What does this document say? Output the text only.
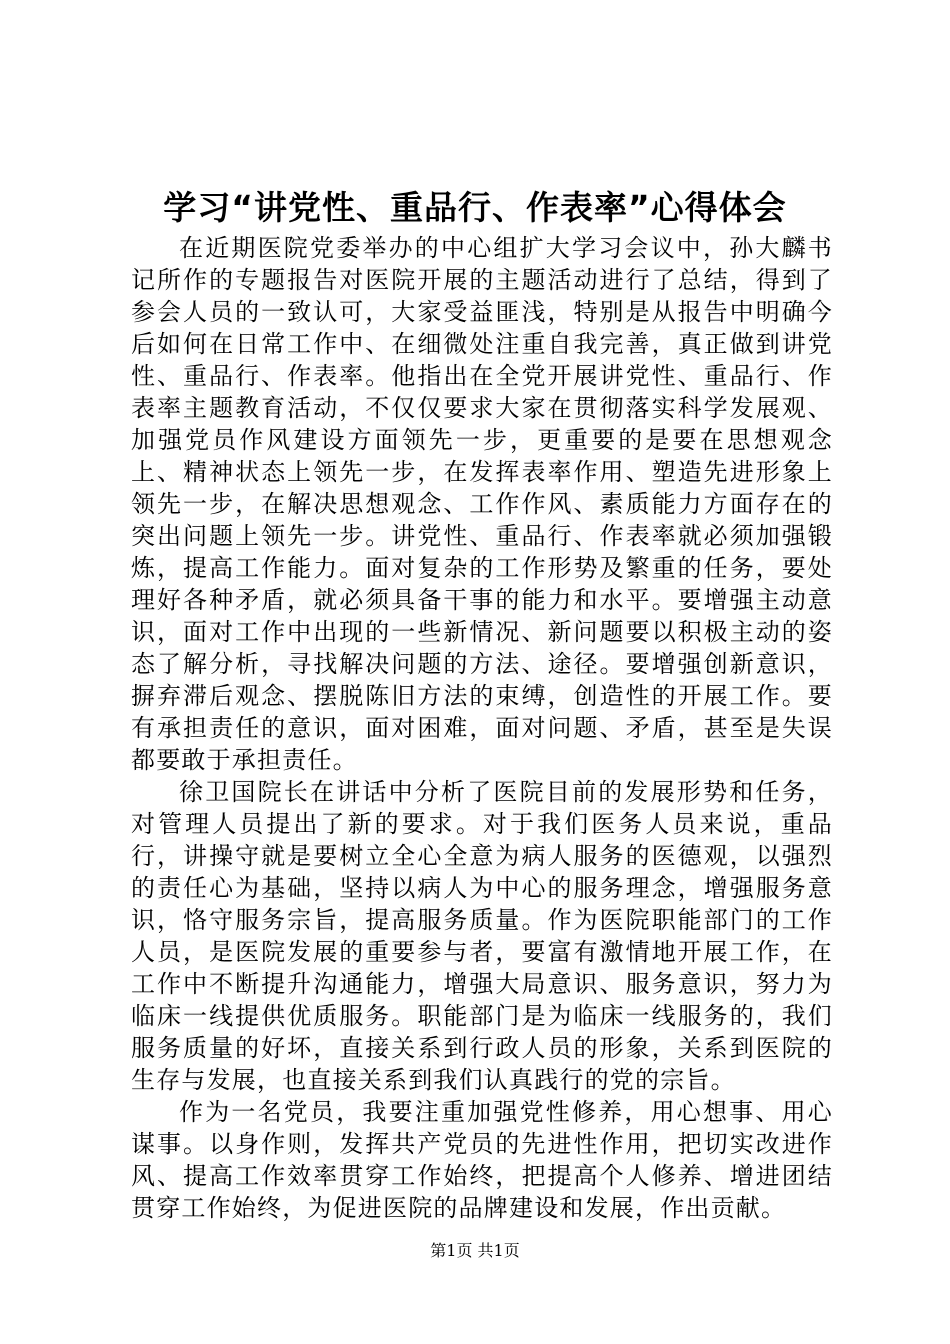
学习“讲党性、重品行、作表率”心得体会

在近期医院党委举办的中心组扩大学习会议中，孙大麟书记所作的专题报告对医院开展的主题活动进行了总结，得到了参会人员的一致认可，大家受益匪浅，特别是从报告中明确今后如何在日常工作中、在细微处注重自我完善，真正做到讲党性、重品行、作表率。他指出在全党开展讲党性、重品行、作表率主题教育活动，不仅仅要求大家在贯彻落实科学发展观、加强党员作风建设方面领先一步，更重要的是要在思想观念上、精神状态上领先一步，在发挥表率作用、塑造先进形象上领先一步，在解决思想观念、工作作风、素质能力方面存在的突出问题上领先一步。讲党性、重品行、作表率就必须加强锻炼，提高工作能力。面对复杂的工作形势及繁重的任务，要处理好各种矛盾，就必须具备干事的能力和水平。要增强主动意识，面对工作中出现的一些新情况、新问题要以积极主动的姿态了解分析，寻找解决问题的方法、途径。要增强创新意识，摒弃滞后观念、摆脱陈旧方法的束缚，创造性的开展工作。要有承担责任的意识，面对困难，面对问题、矛盾，甚至是失误都要敢于承担责任。

徐卫国院长在讲话中分析了医院目前的发展形势和任务，对管理人员提出了新的要求。对于我们医务人员来说，重品行，讲操守就是要树立全心全意为病人服务的医德观，以强烈的责任心为基础，坚持以病人为中心的服务理念，增强服务意识，恪守服务宗旨，提高服务质量。作为医院职能部门的工作人员，是医院发展的重要参与者，要富有激情地开展工作，在工作中不断提升沟通能力，增强大局意识、服务意识，努力为临床一线提供优质服务。职能部门是为临床一线服务的，我们服务质量的好坏，直接关系到行政人员的形象，关系到医院的生存与发展，也直接关系到我们认真践行的党的宗旨。

作为一名党员，我要注重加强党性修养，用心想事、用心谋事。以身作则，发挥共产党员的先进性作用，把切实改进作风、提高工作效率贯穿工作始终，把提高个人修养、增进团结贯穿工作始终，为促进医院的品牌建设和发展，作出贡献。

第1页 共1页
